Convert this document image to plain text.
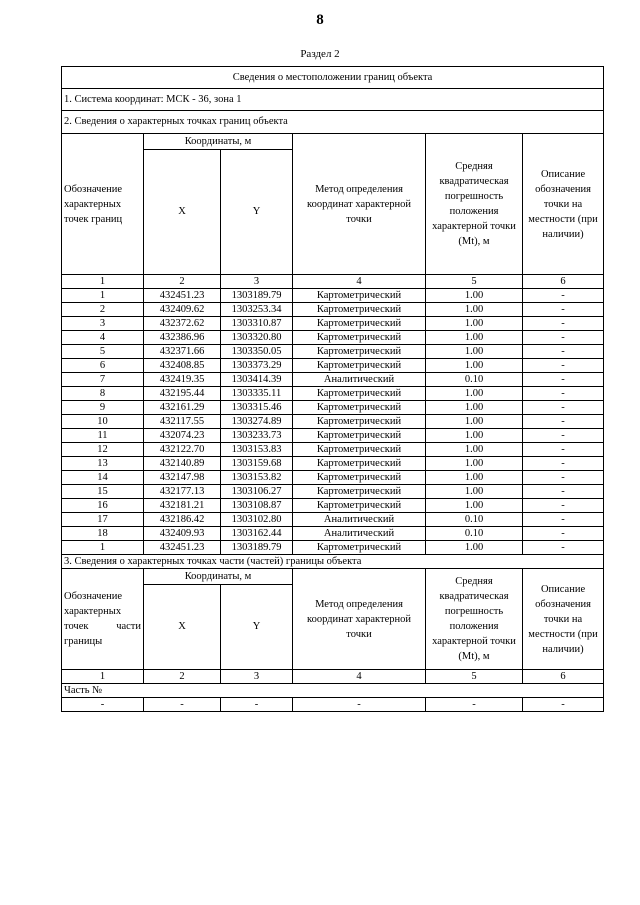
8
Раздел 2
Сведения о местоположении границ объекта					
1. Система координат: МСК - 36, зона 1					
2. Сведения о характерных точках границ объекта					
Обозначение характерных точек границ	Координаты, м		Метод определения координат характерной точки	Средняя квадратическая погрешность положения характерной точки (Mt), м	Описание обозначения точки на местности (при наличии)
	X	Y			
1	2	3	4	5	6
1	432451.23	1303189.79	Картометрический	1.00	-
2	432409.62	1303253.34	Картометрический	1.00	-
3	432372.62	1303310.87	Картометрический	1.00	-
4	432386.96	1303320.80	Картометрический	1.00	-
5	432371.66	1303350.05	Картометрический	1.00	-
6	432408.85	1303373.29	Картометрический	1.00	-
7	432419.35	1303414.39	Аналитический	0.10	-
8	432195.44	1303335.11	Картометрический	1.00	-
9	432161.29	1303315.46	Картометрический	1.00	-
10	432117.55	1303274.89	Картометрический	1.00	-
11	432074.23	1303233.73	Картометрический	1.00	-
12	432122.70	1303153.83	Картометрический	1.00	-
13	432140.89	1303159.68	Картометрический	1.00	-
14	432147.98	1303153.82	Картометрический	1.00	-
15	432177.13	1303106.27	Картометрический	1.00	-
16	432181.21	1303108.87	Картометрический	1.00	-
17	432186.42	1303102.80	Аналитический	0.10	-
18	432409.93	1303162.44	Аналитический	0.10	-
1	432451.23	1303189.79	Картометрический	1.00	-
3. Сведения о характерных точках части (частей) границы объекта					
Обозначение характерных точек части границы	Координаты, м		Метод определения координат характерной точки	Средняя квадратическая погрешность положения характерной точки (Mt), м	Описание обозначения точки на местности (при наличии)
	X	Y			
1	2	3	4	5	6
Часть №					
-	-	-	-	-	-
